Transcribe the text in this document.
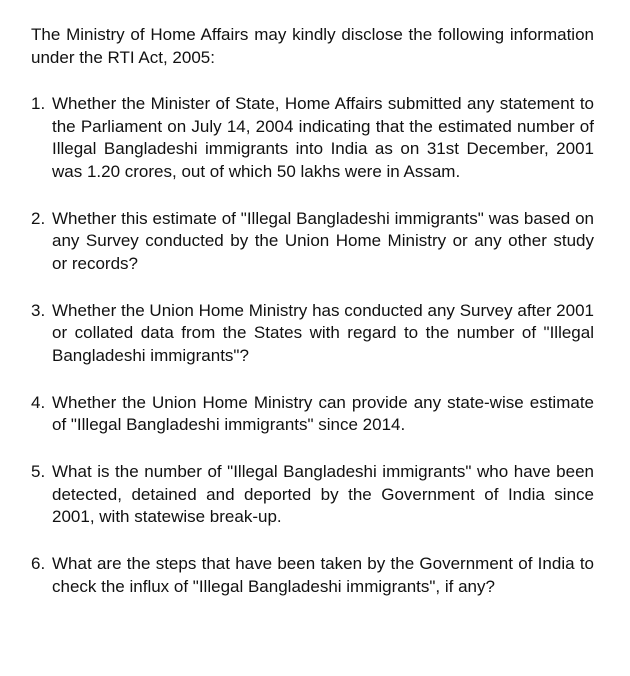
The Ministry of Home Affairs may kindly disclose the following information under the RTI Act, 2005:

1. Whether the Minister of State, Home Affairs submitted any statement to the Parliament on July 14, 2004 indicating that the estimated number of Illegal Bangladeshi immigrants into India as on 31st December, 2001 was 1.20 crores, out of which 50 lakhs were in Assam.
2. Whether this estimate of "Illegal Bangladeshi immigrants" was based on any Survey conducted by the Union Home Ministry or any other study or records?
3. Whether the Union Home Ministry has conducted any Survey after 2001 or collated data from the States with regard to the number of "Illegal Bangladeshi immigrants"?
4. Whether the Union Home Ministry can provide any state-wise estimate of "Illegal Bangladeshi immigrants" since 2014.
5. What is the number of "Illegal Bangladeshi immigrants" who have been detected, detained and deported by the Government of India since 2001, with statewise break-up.
6. What are the steps that have been taken by the Government of India to check the influx of "Illegal Bangladeshi immigrants", if any?
